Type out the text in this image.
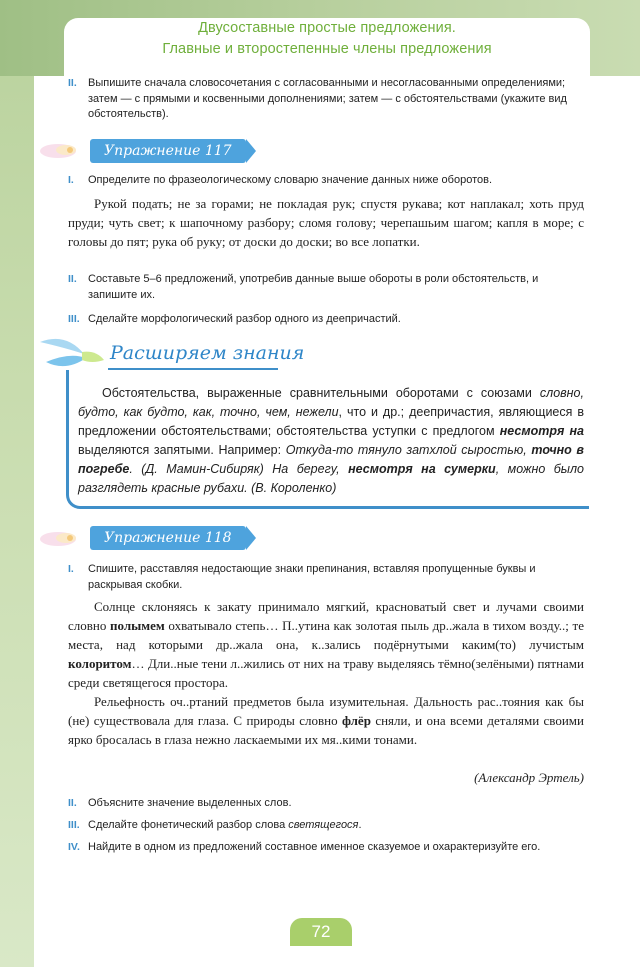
Двусоставные простые предложения.
Главные и второстепенные члены предложения
II. Выпишите сначала словосочетания с согласованными и несогласованными определениями; затем — с прямыми и косвенными дополнениями; затем — с обстоятельствами (укажите вид обстоятельств).
Упражнение 117
I. Определите по фразеологическому словарю значение данных ниже оборотов.

Рукой подать; не за горами; не покладая рук; спустя рукава; кот наплакал; хоть пруд пруди; чуть свет; к шапочному разбору; сломя голову; черепашьим шагом; капля в море; с головы до пят; рука об руку; от доски до доски; во все лопатки.

II. Составьте 5–6 предложений, употребив данные выше обороты в роли обстоятельств, и запишите их.
III. Сделайте морфологический разбор одного из деепричастий.
Расширяем знания

Обстоятельства, выраженные сравнительными оборотами с союзами словно, будто, как будто, как, точно, чем, нежели, что и др.; деепричастия, являющиеся в предложении обстоятельствами; обстоятельства уступки с предлогом несмотря на выделяются запятыми. Например: Откуда-то тянуло затхлой сыростью, точно в погребе. (Д. Мамин-Сибиряк) На берегу, несмотря на сумерки, можно было разглядеть красные рубахи. (В. Короленко)

Упражнение 118
I. Спишите, расставляя недостающие знаки препинания, вставляя пропущенные буквы и раскрывая скобки.

Солнце склоняясь к закату принимало мягкий, красноватый свет и лучами своими словно полымем охватывало степь… П..утина как золотая пыль др..жала в тихом возду..; те места, над которыми др..жала она, к..зались подёрнутыми каким(то) лучистым колоритом… Дли..ные тени л..жились от них на траву выделяясь тёмно(зелёными) пятнами среди светящегося простора.

Рельефность оч..ртаний предметов была изумительная. Дальность рас..тояния как бы (не) существовала для глаза. С природы словно флёр сняли, и она всеми деталями своими ярко бросалась в глаза нежно ласкаемыми их мя..кими тонами.

(Александр Эртель)
II. Объясните значение выделенных слов.
III. Сделайте фонетический разбор слова светящегося.
IV. Найдите в одном из предложений составное именное сказуемое и охарактеризуйте его.
72
